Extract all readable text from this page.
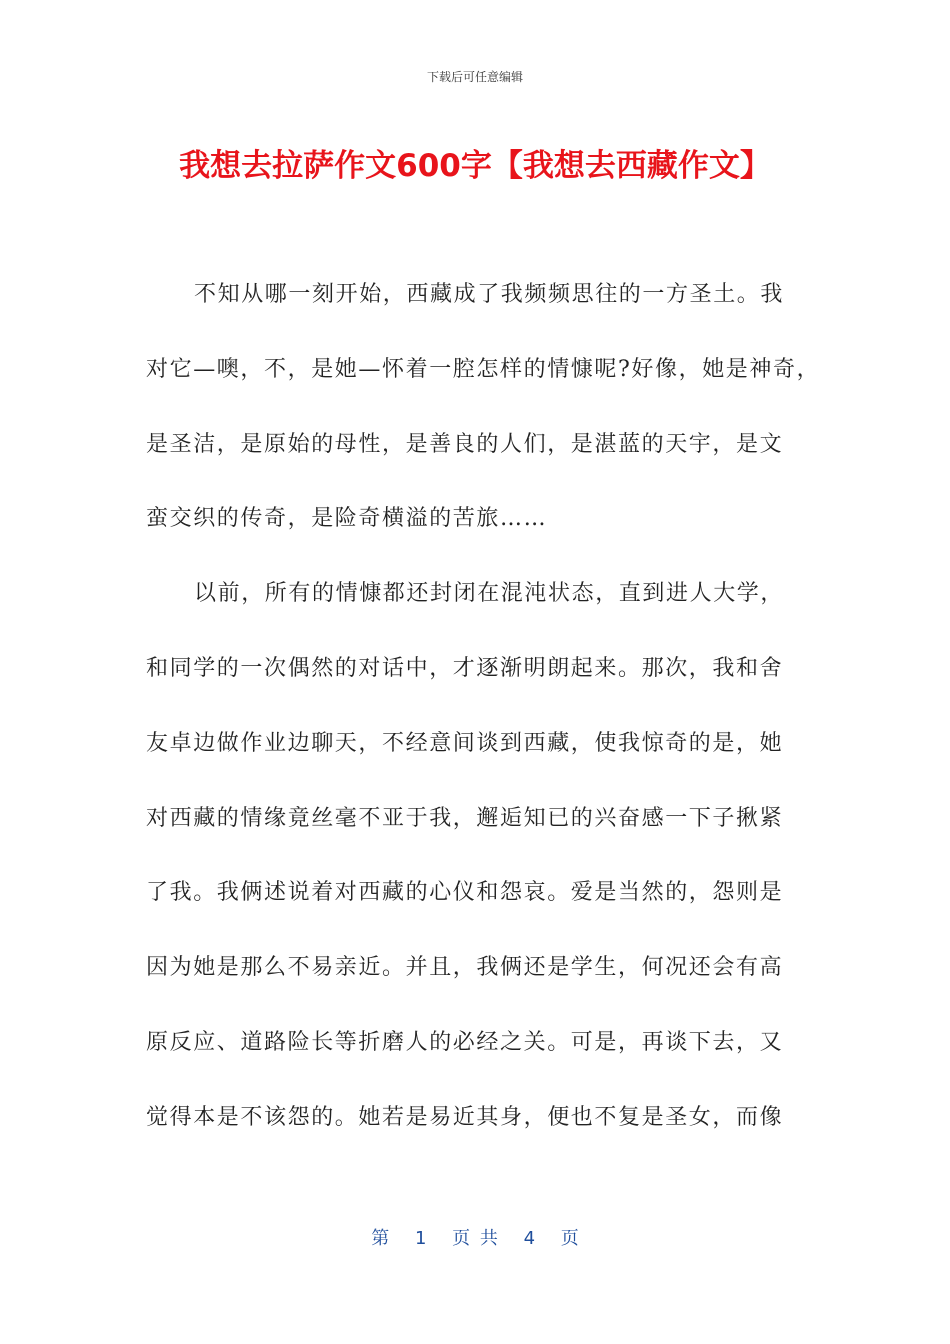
下载后可任意编辑
我想去拉萨作文600字【我想去西藏作文】
不知从哪一刻开始，西藏成了我频频思往的一方圣土。我
对它—噢，不，是她—怀着一腔怎样的情慷呢?好像，她是神奇，
是圣洁，是原始的母性，是善良的人们，是湛蓝的天宇，是文
蛮交织的传奇，是险奇横溢的苦旅……
以前，所有的情慷都还封闭在混沌状态，直到进人大学，
和同学的一次偶然的对话中，才逐渐明朗起来。那次，我和舍
友卓边做作业边聊天，不经意间谈到西藏，使我惊奇的是，她
对西藏的情缘竟丝毫不亚于我，邂逅知已的兴奋感一下子揪紧
了我。我俩述说着对西藏的心仪和怨哀。爱是当然的，怨则是
因为她是那么不易亲近。并且，我俩还是学生，何况还会有高
原反应、道路险长等折磨人的必经之关。可是，再谈下去，又
觉得本是不该怨的。她若是易近其身，便也不复是圣女，而像
第 1 页 共 4 页
